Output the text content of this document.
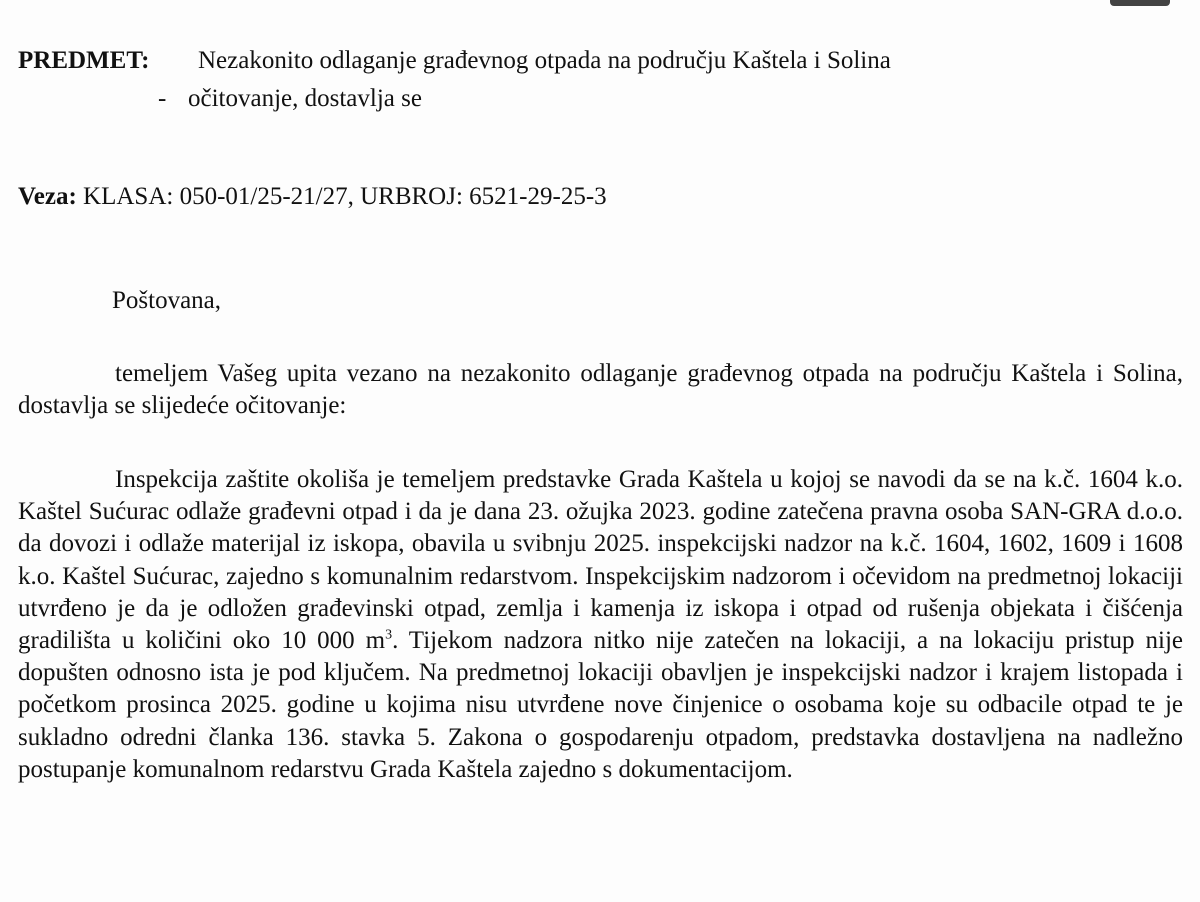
PREDMET: Nezakonito odlaganje građevnog otpada na području Kaštela i Solina
- očitovanje, dostavlja se
Veza: KLASA: 050-01/25-21/27, URBROJ: 6521-29-25-3
Poštovana,
temeljem Vašeg upita vezano na nezakonito odlaganje građevnog otpada na području Kaštela i Solina, dostavlja se slijedeće očitovanje:
Inspekcija zaštite okoliša je temeljem predstavke Grada Kaštela u kojoj se navodi da se na k.č. 1604 k.o. Kaštel Sućurac odlaže građevni otpad i da je dana 23. ožujka 2023. godine zatečena pravna osoba SAN-GRA d.o.o. da dovozi i odlaže materijal iz iskopa, obavila u svibnju 2025. inspekcijski nadzor na k.č. 1604, 1602, 1609 i 1608 k.o. Kaštel Sućurac, zajedno s komunalnim redarstvom. Inspekcijskim nadzorom i očevidom na predmetnoj lokaciji utvrđeno je da je odložen građevinski otpad, zemlja i kamenja iz iskopa i otpad od rušenja objekata i čišćenja gradilišta u količini oko 10 000 $m^3$. Tijekom nadzora nitko nije zatečen na lokaciji, a na lokaciju pristup nije dopušten odnosno ista je pod ključem. Na predmetnoj lokaciji obavljen je inspekcijski nadzor i krajem listopada i početkom prosinca 2025. godine u kojima nisu utvrđene nove činjenice o osobama koje su odbacile otpad te je sukladno odredni članka 136. stavka 5. Zakona o gospodarenju otpadom, predstavka dostavljena na nadležno postupanje komunalnom redarstvu Grada Kaštela zajedno s dokumentacijom.
